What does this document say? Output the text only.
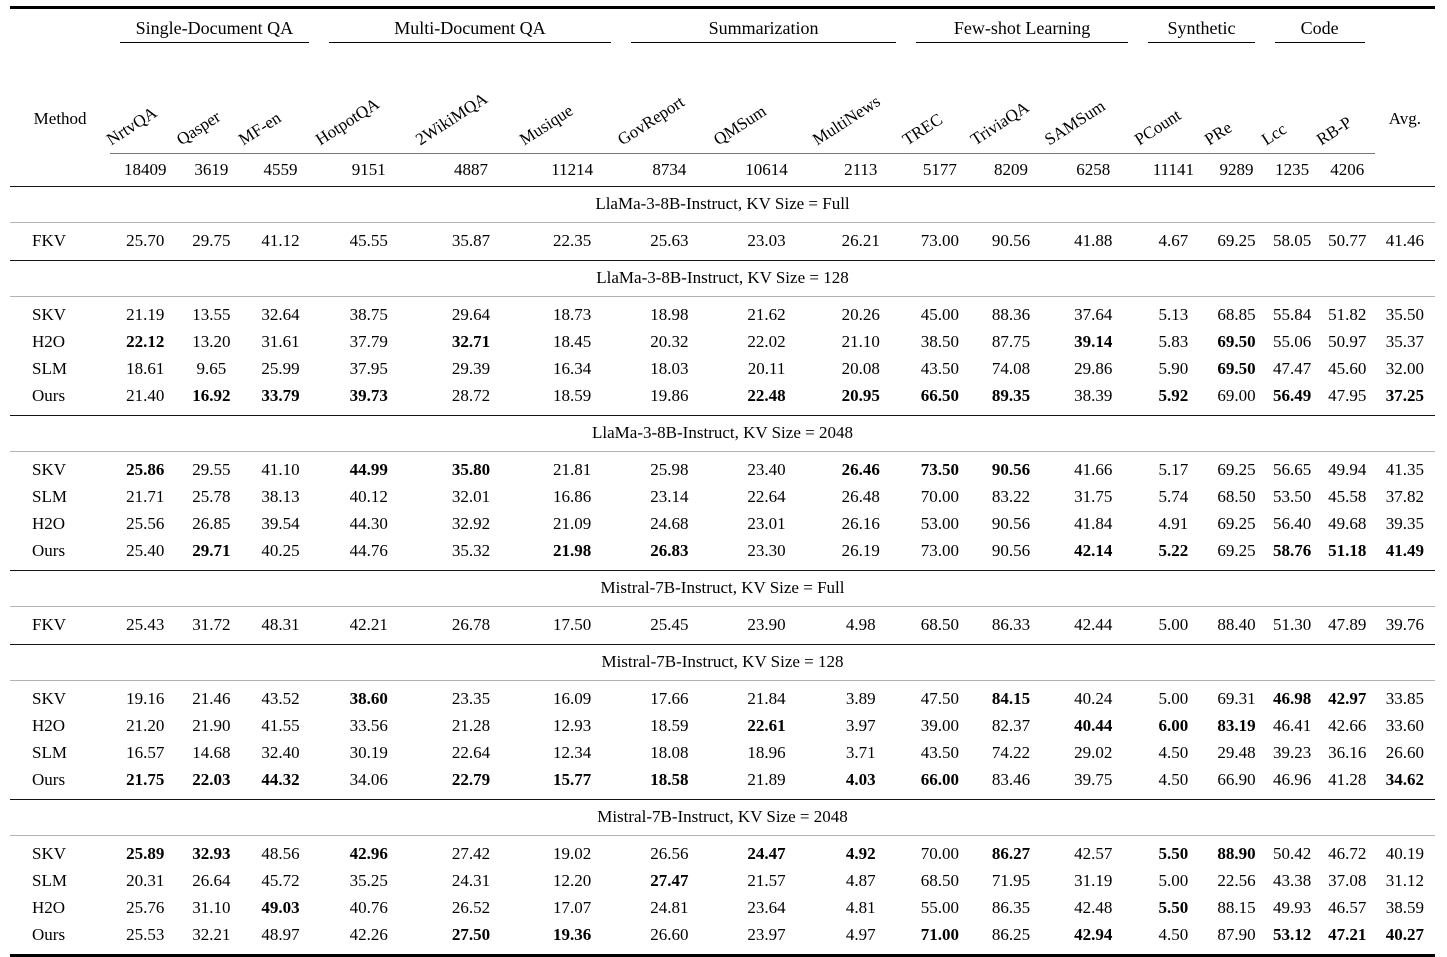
	Single-Document QA			Multi-Document QA			Summarization			Few-shot Learning			Synthetic		Code		

Method	NrtvQA	Qasper	MF-en	HotpotQA	2WikiMQA	Musique	GovReport	QMSum	MultiNews	TREC	TriviaQA	SAMSum	PCount	PRe	Lcc	RB-P	Avg.
	18409	3619	4559	9151	4887	11214	8734	10614	2113	5177	8209	6258	11141	9289	1235	4206	
LlaMa-3-8B-Instruct, KV Size = Full																	
FKV	25.70	29.75	41.12	45.55	35.87	22.35	25.63	23.03	26.21	73.00	90.56	41.88	4.67	69.25	58.05	50.77	41.46
LlaMa-3-8B-Instruct, KV Size = 128																	
SKV	21.19	13.55	32.64	38.75	29.64	18.73	18.98	21.62	20.26	45.00	88.36	37.64	5.13	68.85	55.84	51.82	35.50
H2O	22.12	13.20	31.61	37.79	32.71	18.45	20.32	22.02	21.10	38.50	87.75	39.14	5.83	69.50	55.06	50.97	35.37
SLM	18.61	9.65	25.99	37.95	29.39	16.34	18.03	20.11	20.08	43.50	74.08	29.86	5.90	69.50	47.47	45.60	32.00
Ours	21.40	16.92	33.79	39.73	28.72	18.59	19.86	22.48	20.95	66.50	89.35	38.39	5.92	69.00	56.49	47.95	37.25
LlaMa-3-8B-Instruct, KV Size = 2048																	
SKV	25.86	29.55	41.10	44.99	35.80	21.81	25.98	23.40	26.46	73.50	90.56	41.66	5.17	69.25	56.65	49.94	41.35
SLM	21.71	25.78	38.13	40.12	32.01	16.86	23.14	22.64	26.48	70.00	83.22	31.75	5.74	68.50	53.50	45.58	37.82
H2O	25.56	26.85	39.54	44.30	32.92	21.09	24.68	23.01	26.16	53.00	90.56	41.84	4.91	69.25	56.40	49.68	39.35
Ours	25.40	29.71	40.25	44.76	35.32	21.98	26.83	23.30	26.19	73.00	90.56	42.14	5.22	69.25	58.76	51.18	41.49
Mistral-7B-Instruct, KV Size = Full																	
FKV	25.43	31.72	48.31	42.21	26.78	17.50	25.45	23.90	4.98	68.50	86.33	42.44	5.00	88.40	51.30	47.89	39.76
Mistral-7B-Instruct, KV Size = 128																	
SKV	19.16	21.46	43.52	38.60	23.35	16.09	17.66	21.84	3.89	47.50	84.15	40.24	5.00	69.31	46.98	42.97	33.85
H2O	21.20	21.90	41.55	33.56	21.28	12.93	18.59	22.61	3.97	39.00	82.37	40.44	6.00	83.19	46.41	42.66	33.60
SLM	16.57	14.68	32.40	30.19	22.64	12.34	18.08	18.96	3.71	43.50	74.22	29.02	4.50	29.48	39.23	36.16	26.60
Ours	21.75	22.03	44.32	34.06	22.79	15.77	18.58	21.89	4.03	66.00	83.46	39.75	4.50	66.90	46.96	41.28	34.62
Mistral-7B-Instruct, KV Size = 2048																	
SKV	25.89	32.93	48.56	42.96	27.42	19.02	26.56	24.47	4.92	70.00	86.27	42.57	5.50	88.90	50.42	46.72	40.19
SLM	20.31	26.64	45.72	35.25	24.31	12.20	27.47	21.57	4.87	68.50	71.95	31.19	5.00	22.56	43.38	37.08	31.12
H2O	25.76	31.10	49.03	40.76	26.52	17.07	24.81	23.64	4.81	55.00	86.35	42.48	5.50	88.15	49.93	46.57	38.59
Ours	25.53	32.21	48.97	42.26	27.50	19.36	26.60	23.97	4.97	71.00	86.25	42.94	4.50	87.90	53.12	47.21	40.27
